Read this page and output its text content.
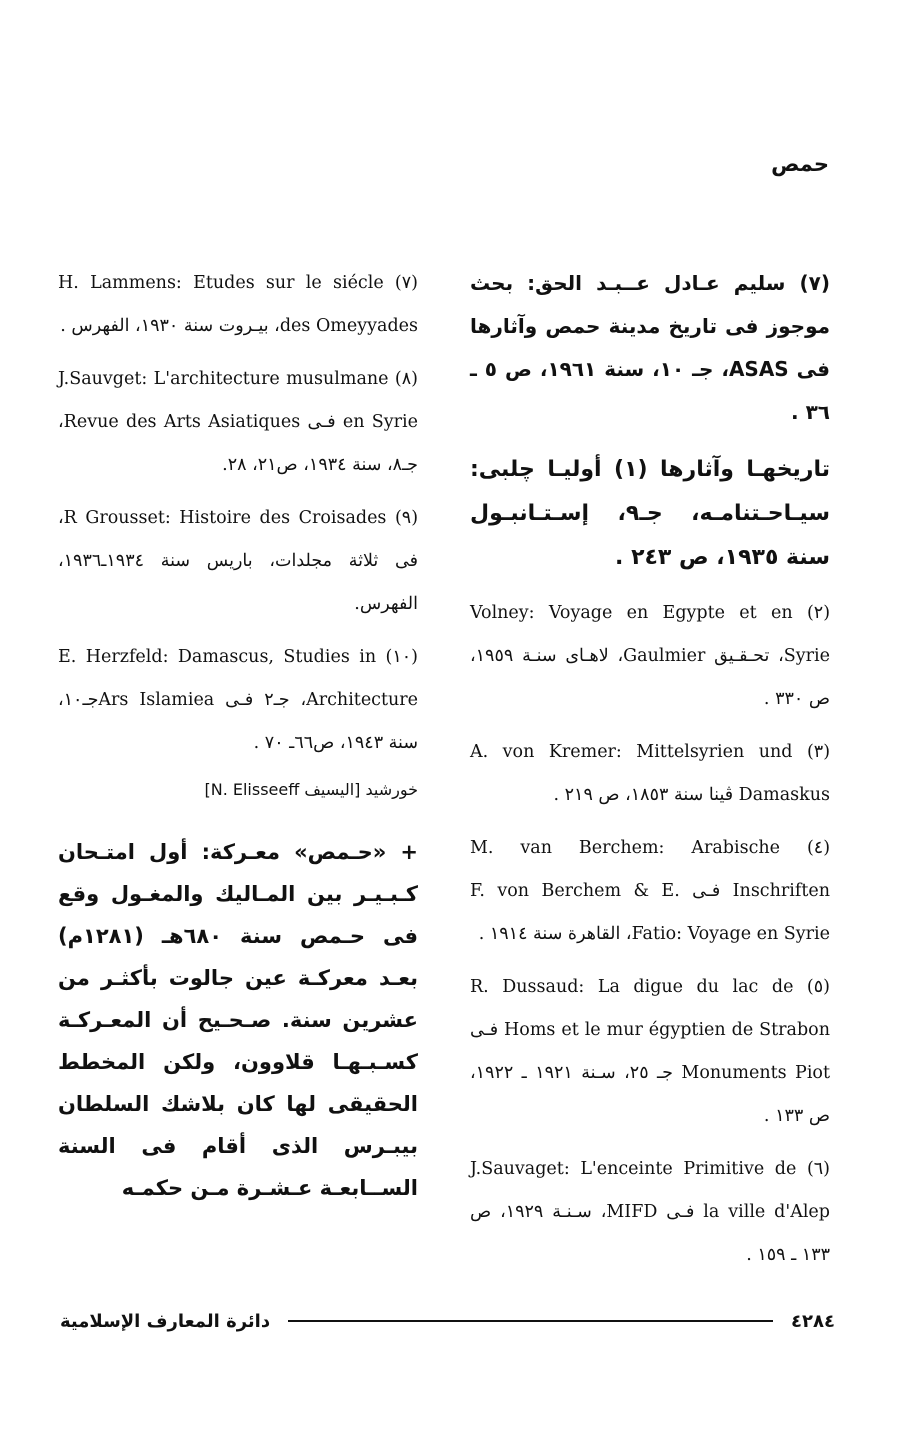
حمص

(٧) سليم عـادل عــبـد الحق: بحث موجوز فى تاريخ مدينة حمص وآثارها فى ASAS، جـ ١٠، سنة ١٩٦١، ص ٥ ـ ٣٦ .

تاريخهـا وآثارها (١) أوليـا چلبى: سيـاحـتنامـه، جـ٩، إسـتـانبـول سنة ١٩٣٥، ص ٢٤٣ .

(٢) Volney: Voyage en Egypte et en Syrie، تحـقـيق Gaulmier، لاهـاى سنـة ١٩٥٩، ص ٣٣٠ .

(٣) A. von Kremer: Mittelsyrien und Damaskus ڤينا سنة ١٨٥٣، ص ٢١٩ .

(٤) M. van Berchem: Arabische Inschriften فـى F. von Berchem & E. Fatio: Voyage en Syrie، القاهرة سنة ١٩١٤ .

(٥) R. Dussaud: La digue du lac de Homs et le mur égyptien de Strabon فـى Monuments Piot جـ ٢٥، سـنة ١٩٢١ ـ ١٩٢٢، ص ١٣٣ .

(٦) J.Sauvaget: L'enceinte Primitive de la ville d'Alep فـى MIFD، سـنـة ١٩٢٩، ص ١٣٣ ـ ١٥٩ .

(٧) H. Lammens: Etudes sur le siécle des Omeyyades، بيـروت سنة ١٩٣٠، الفهرس .

(٨) J.Sauvget: L'architecture musulmane en Syrie فـى Revue des Arts Asiatiques، جـ٨، سنة ١٩٣٤، ص٢١، ٢٨.

(٩) R Grousset: Histoire des Croisades، فى ثلاثة مجلدات، باريس سنة ١٩٣٤ـ١٩٣٦، الفهرس.

(١٠) E. Herzfeld: Damascus, Studies in Architecture، جـ٢ فـى Ars Islamieaجـ١٠، سنة ١٩٤٣، ص٦٦ـ ٧٠ .

خورشيد [اليسيف N. Elisseeff]

+ «حـمص» معـركة: أول امتـحان كـبـيـر بين المـاليك والمغـول وقع فى حـمص سنة ٦٨٠هـ (١٢٨١م) بعـد معركـة عين جالوت بأكثـر من عشرين سنة. صـحـيح أن المعـركـة كسـبـهـا قلاوون، ولكن المخطط الحقيقى لها كان بلاشك السلطان بيبـرس الذى أقام فى السنة الســابعـة عـشـرة مـن حكمـه

دائرة المعارف الإسلامية	٤٢٨٤
